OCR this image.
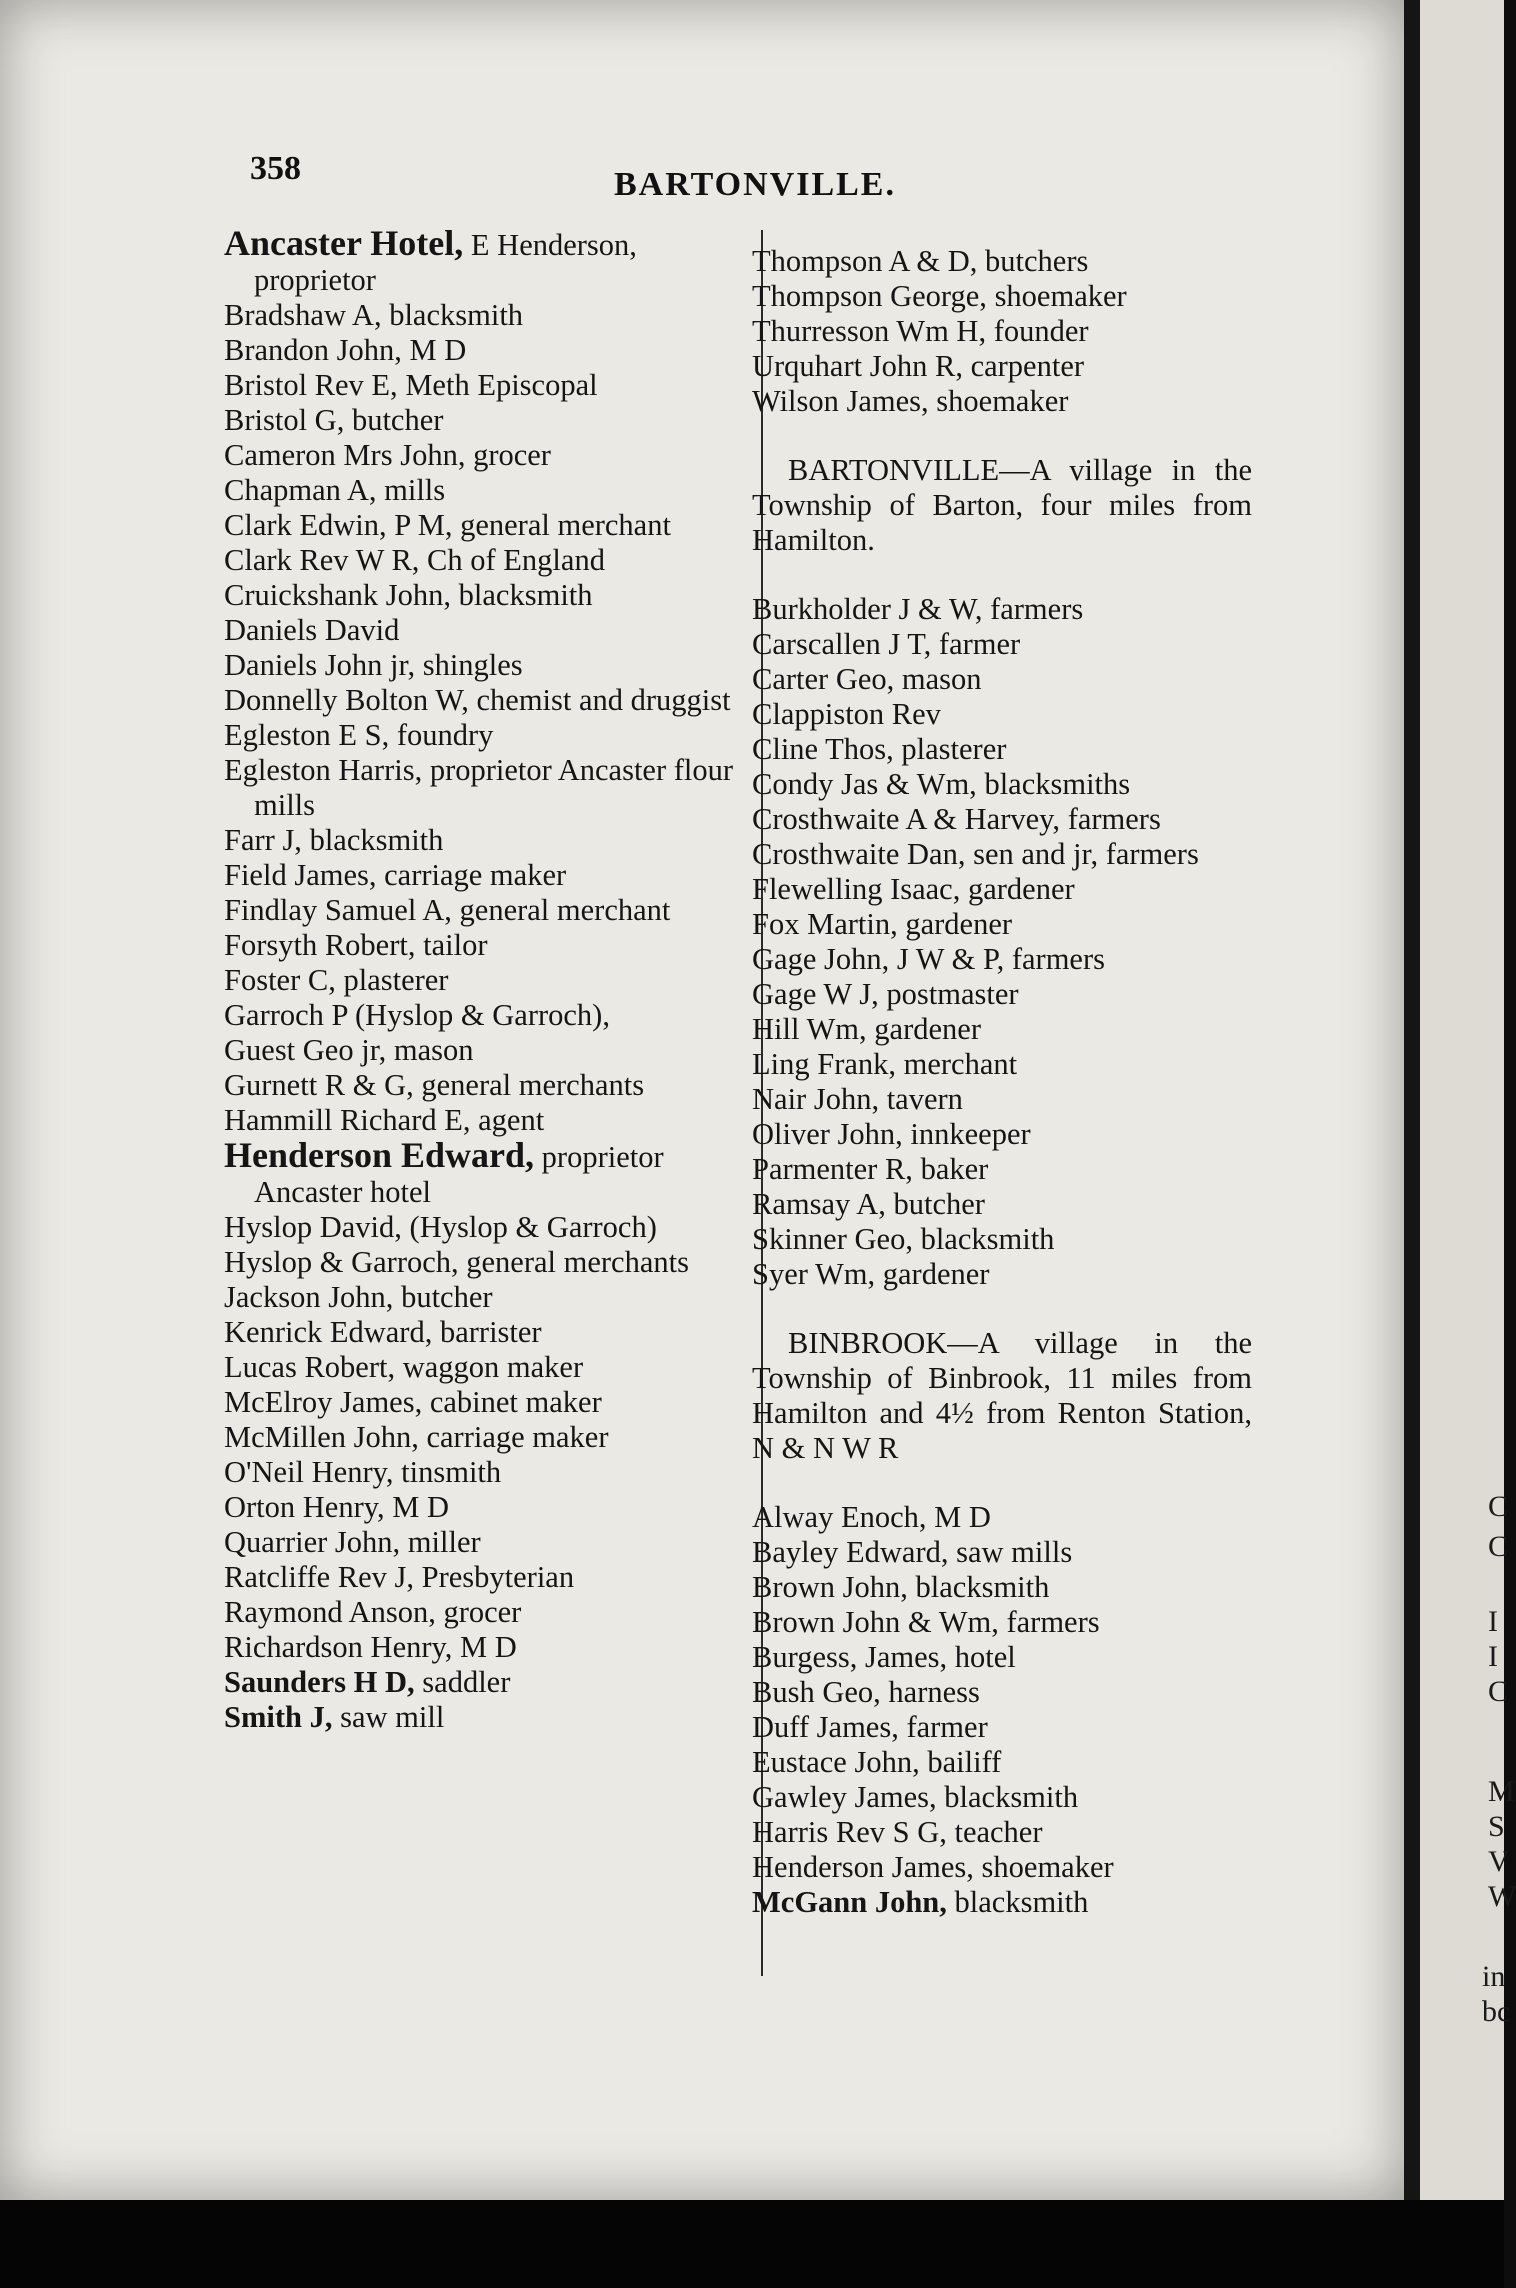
358	BARTONVILLE.
Ancaster Hotel, E Henderson, proprietor
Bradshaw A, blacksmith
Brandon John, M D
Bristol Rev E, Meth Episcopal
Bristol G, butcher
Cameron Mrs John, grocer
Chapman A, mills
Clark Edwin, P M, general merchant
Clark Rev W R, Ch of England
Cruickshank John, blacksmith
Daniels David
Daniels John jr, shingles
Donnelly Bolton W, chemist and druggist
Egleston E S, foundry
Egleston Harris, proprietor Ancaster flour mills
Farr J, blacksmith
Field James, carriage maker
Findlay Samuel A, general merchant
Forsyth Robert, tailor
Foster C, plasterer
Garroch P (Hyslop & Garroch),
Guest Geo jr, mason
Gurnett R & G, general merchants
Hammill Richard E, agent
Henderson Edward, proprietor Ancaster hotel
Hyslop David, (Hyslop & Garroch)
Hyslop & Garroch, general merchants
Jackson John, butcher
Kenrick Edward, barrister
Lucas Robert, waggon maker
McElroy James, cabinet maker
McMillen John, carriage maker
O'Neil Henry, tinsmith
Orton Henry, M D
Quarrier John, miller
Ratcliffe Rev J, Presbyterian
Raymond Anson, grocer
Richardson Henry, M D
Saunders H D, saddler
Smith J, saw mill
Thompson A & D, butchers
Thompson George, shoemaker
Thurresson Wm H, founder
Urquhart John R, carpenter
Wilson James, shoemaker
BARTONVILLE—A village in the Township of Barton, four miles from Hamilton.
Burkholder J & W, farmers
Carscallen J T, farmer
Carter Geo, mason
Clappiston Rev
Cline Thos, plasterer
Condy Jas & Wm, blacksmiths
Crosthwaite A & Harvey, farmers
Crosthwaite Dan, sen and jr, farmers
Flewelling Isaac, gardener
Fox Martin, gardener
Gage John, J W & P, farmers
Gage W J, postmaster
Hill Wm, gardener
Ling Frank, merchant
Nair John, tavern
Oliver John, innkeeper
Parmenter R, baker
Ramsay A, butcher
Skinner Geo, blacksmith
Syer Wm, gardener
BINBROOK—A village in the Township of Binbrook, 11 miles from Hamilton and 4½ from Renton Station, N & N W R
Alway Enoch, M D
Bayley Edward, saw mills
Brown John, blacksmith
Brown John & Wm, farmers
Burgess, James, hotel
Bush Geo, harness
Duff James, farmer
Eustace John, bailiff
Gawley James, blacksmith
Harris Rev S G, teacher
Henderson James, shoemaker
McGann John, blacksmith
C
C
I
I
C
M
S
V
W
in
bc
